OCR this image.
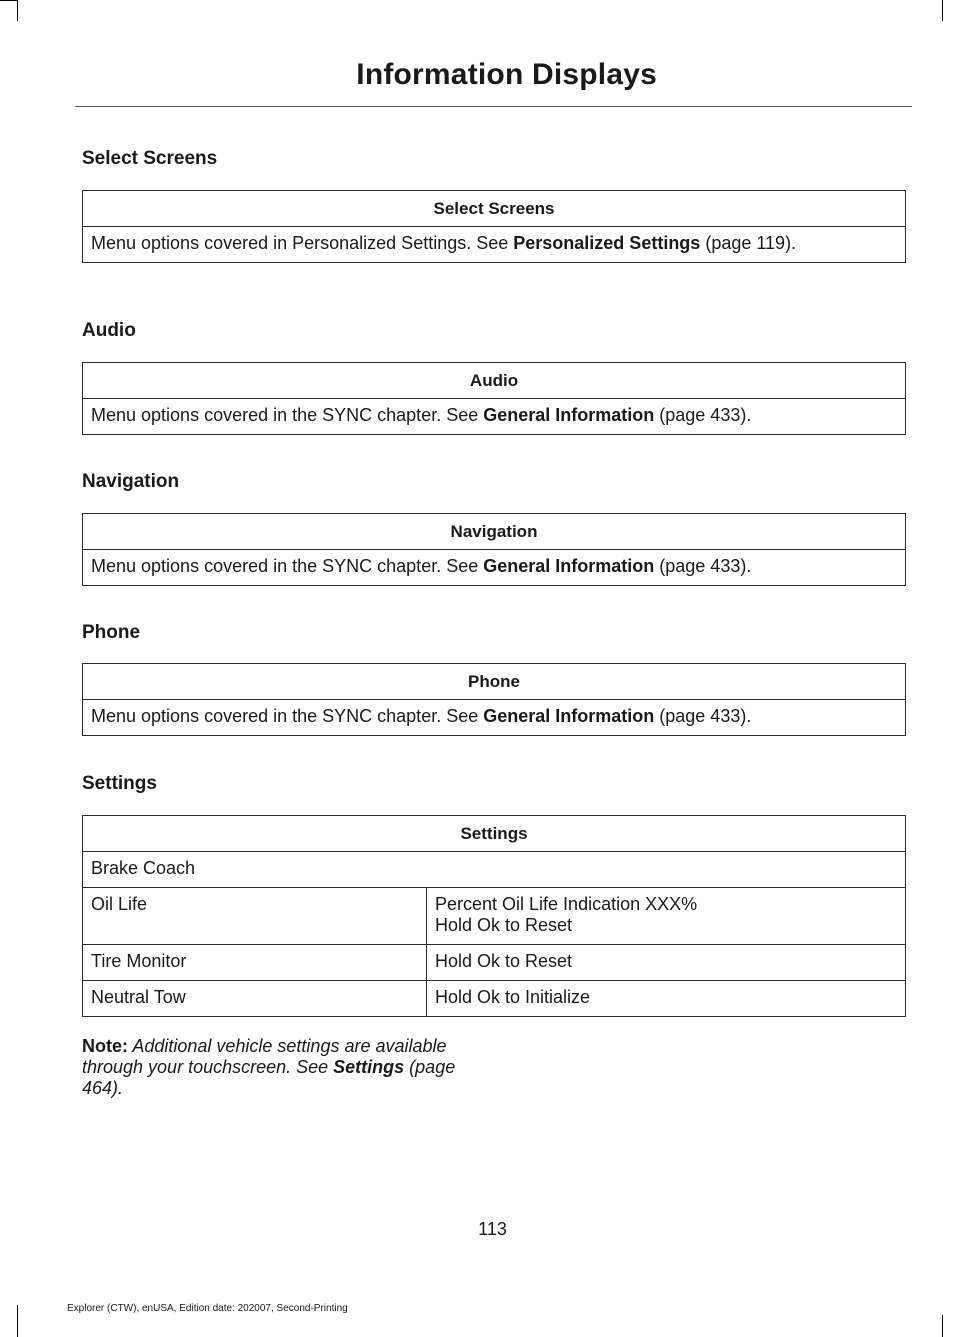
Information Displays
Select Screens
Select Screens
Menu options covered in Personalized Settings. See Personalized Settings (page 119).
Audio
Audio
Menu options covered in the SYNC chapter. See General Information (page 433).
Navigation
Navigation
Menu options covered in the SYNC chapter. See General Information (page 433).
Phone
Phone
Menu options covered in the SYNC chapter. See General Information (page 433).
Settings
Settings	
Brake Coach	
Oil Life	Percent Oil Life Indication XXX%
Hold Ok to Reset

Tire Monitor	Hold Ok to Reset
Neutral Tow	Hold Ok to Initialize
Note: Additional vehicle settings are available through your touchscreen. See Settings (page 464).
113
Explorer (CTW), enUSA, Edition date: 202007, Second-Printing
